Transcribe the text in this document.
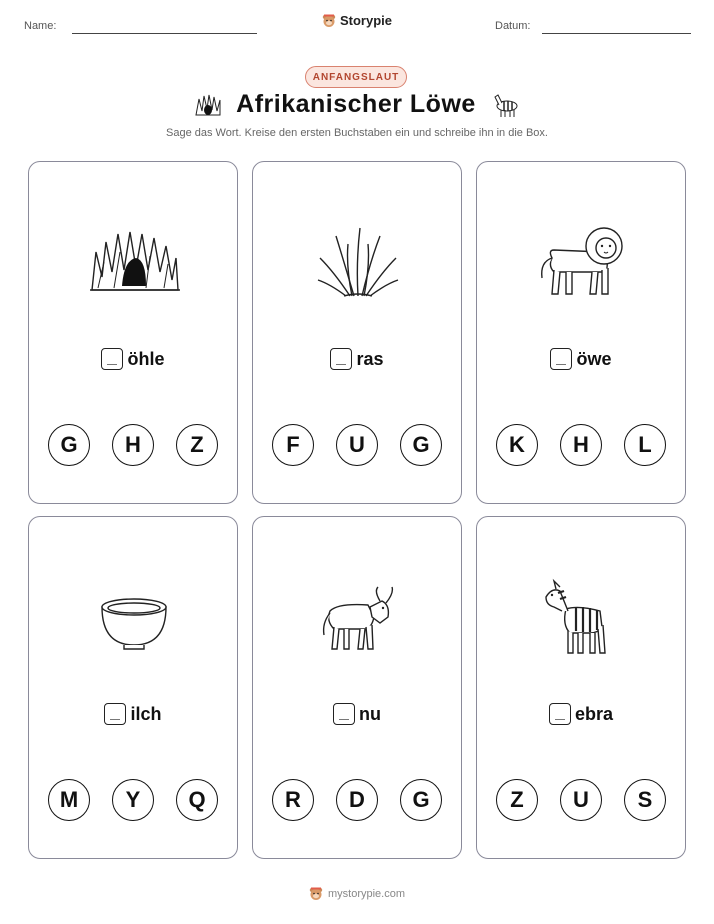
Name:	Storypie	Datum:
ANFANGSLAUT
Afrikanischer Löwe
Sage das Wort. Kreise den ersten Buchstaben ein und schreibe ihn in die Box.
öhle
G	H	Z
ras
F	U	G
öwe
K	H	L
ilch
M	Y	Q
nu
R	D	G
ebra
Z	U	S
mystorypie.com
